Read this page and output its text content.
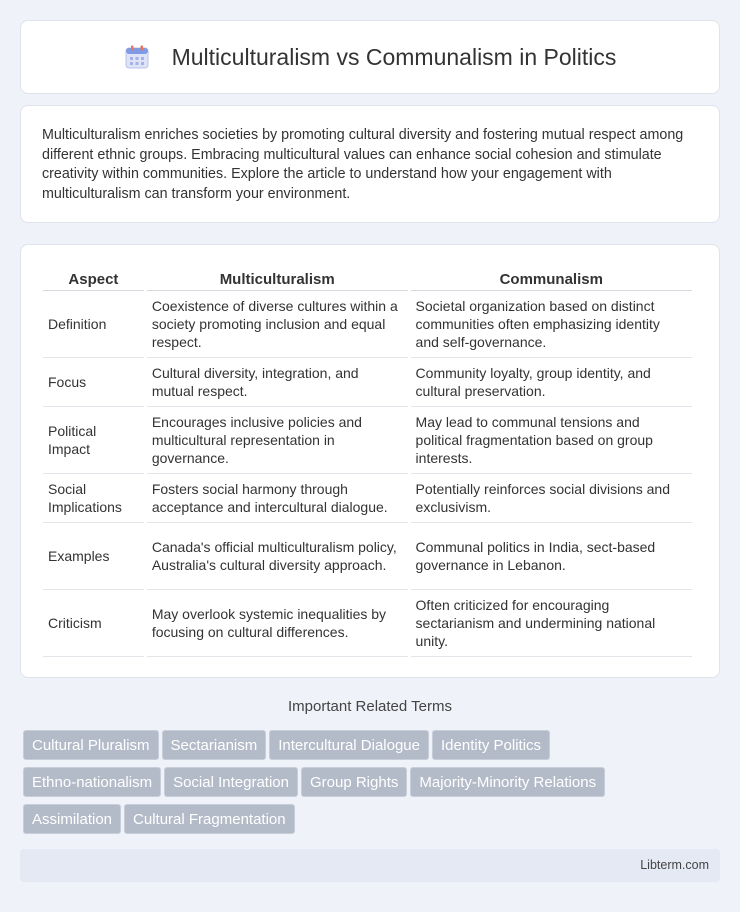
Multiculturalism vs Communalism in Politics

Multiculturalism enriches societies by promoting cultural diversity and fostering mutual respect among different ethnic groups. Embracing multicultural values can enhance social cohesion and stimulate creativity within communities. Explore the article to understand how your engagement with multiculturalism can transform your environment.

Aspect	Multiculturalism	Communalism
Definition	Coexistence of diverse cultures within a society promoting inclusion and equal respect.	Societal organization based on distinct communities often emphasizing identity and self-governance.
Focus	Cultural diversity, integration, and mutual respect.	Community loyalty, group identity, and cultural preservation.
Political Impact	Encourages inclusive policies and multicultural representation in governance.	May lead to communal tensions and political fragmentation based on group interests.
Social Implications	Fosters social harmony through acceptance and intercultural dialogue.	Potentially reinforces social divisions and exclusivism.
Examples	Canada's official multiculturalism policy, Australia's cultural diversity approach.	Communal politics in India, sect-based governance in Lebanon.
Criticism	May overlook systemic inequalities by focusing on cultural differences.	Often criticized for encouraging sectarianism and undermining national unity.
Important Related Terms
Cultural Pluralism Sectarianism Intercultural Dialogue Identity Politics
Ethno-nationalism Social Integration Group Rights Majority-Minority Relations
Assimilation Cultural Fragmentation
Libterm.com
